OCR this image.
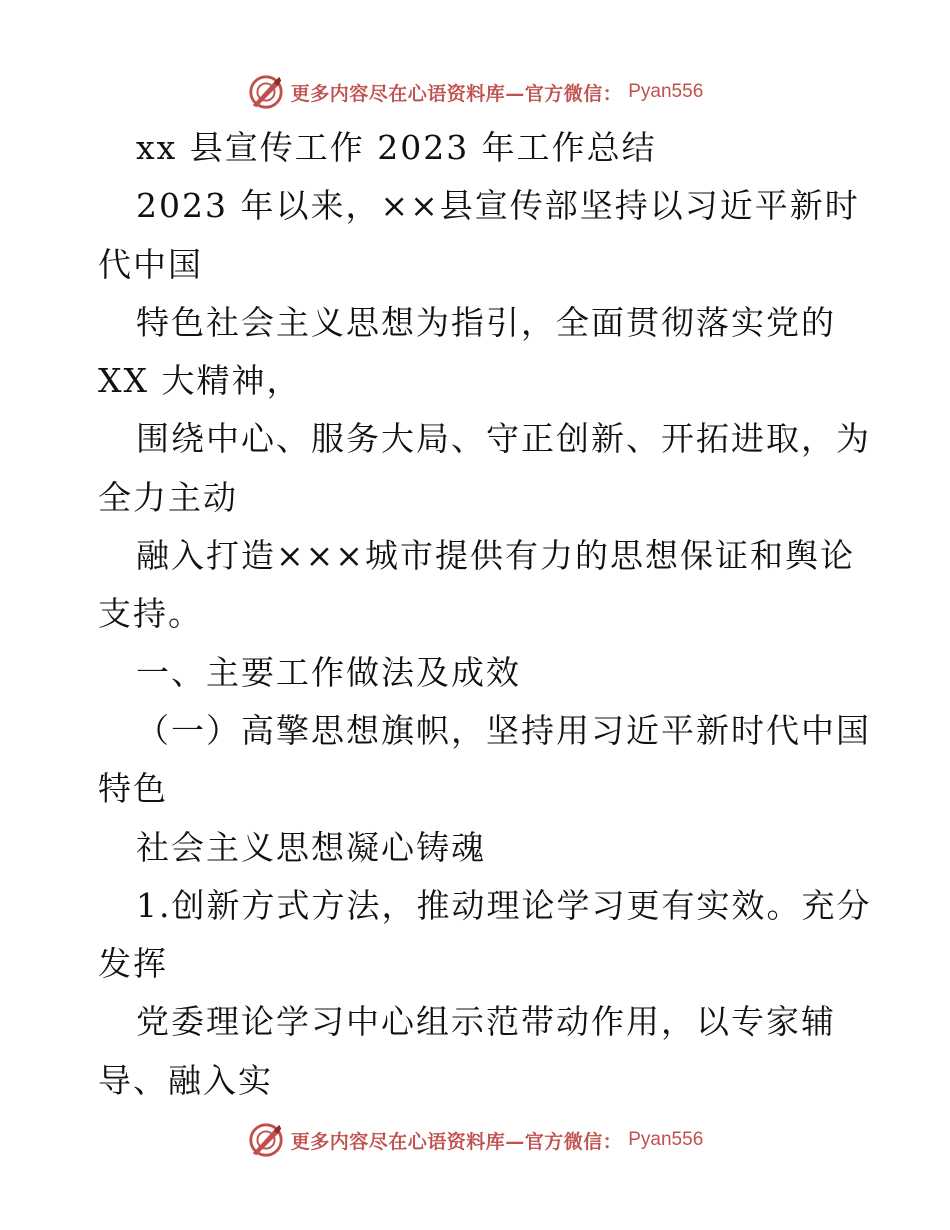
更多内容尽在心语资料库—官方微信： Pyan556
xx 县宣传工作 2023 年工作总结
2023 年以来，××县宣传部坚持以习近平新时
代中国
特色社会主义思想为指引，全面贯彻落实党的
XX 大精神，
围绕中心、服务大局、守正创新、开拓进取，为
全力主动
融入打造×××城市提供有力的思想保证和舆论
支持。
一、主要工作做法及成效
（一）高擎思想旗帜，坚持用习近平新时代中国
特色
社会主义思想凝心铸魂
1.创新方式方法，推动理论学习更有实效。充分
发挥
党委理论学习中心组示范带动作用，以专家辅
导、融入实
更多内容尽在心语资料库—官方微信： Pyan556
